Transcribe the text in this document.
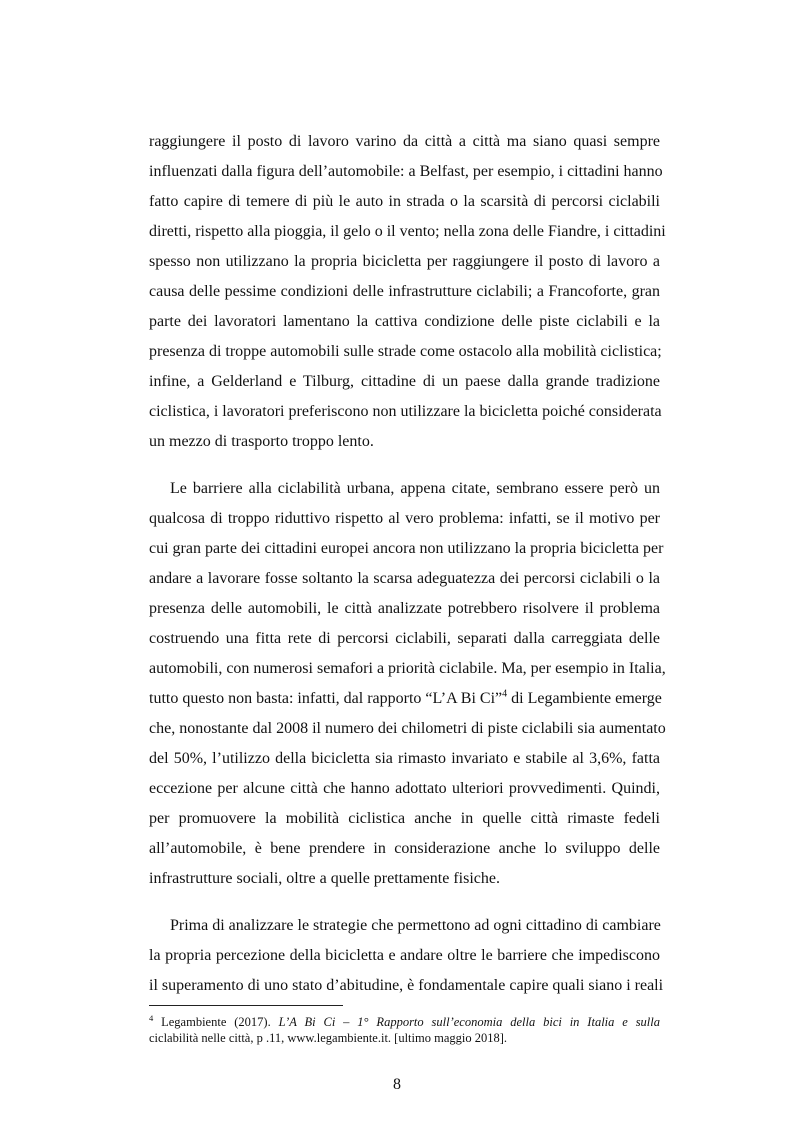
raggiungere il posto di lavoro varino da città a città ma siano quasi sempre
influenzati dalla figura dell’automobile: a Belfast, per esempio, i cittadini hanno
fatto capire di temere di più le auto in strada o la scarsità di percorsi ciclabili
diretti, rispetto alla pioggia, il gelo o il vento; nella zona delle Fiandre, i cittadini
spesso non utilizzano la propria bicicletta per raggiungere il posto di lavoro a
causa delle pessime condizioni delle infrastrutture ciclabili; a Francoforte, gran
parte dei lavoratori lamentano la cattiva condizione delle piste ciclabili e la
presenza di troppe automobili sulle strade come ostacolo alla mobilità ciclistica;
infine, a Gelderland e Tilburg, cittadine di un paese dalla grande tradizione
ciclistica, i lavoratori preferiscono non utilizzare la bicicletta poiché considerata
un mezzo di trasporto troppo lento.
Le barriere alla ciclabilità urbana, appena citate, sembrano essere però un
qualcosa di troppo riduttivo rispetto al vero problema: infatti, se il motivo per
cui gran parte dei cittadini europei ancora non utilizzano la propria bicicletta per
andare a lavorare fosse soltanto la scarsa adeguatezza dei percorsi ciclabili o la
presenza delle automobili, le città analizzate potrebbero risolvere il problema
costruendo una fitta rete di percorsi ciclabili, separati dalla carreggiata delle
automobili, con numerosi semafori a priorità ciclabile. Ma, per esempio in Italia,
tutto questo non basta: infatti, dal rapporto “L’A Bi Ci”$^4$ di Legambiente emerge
che, nonostante dal 2008 il numero dei chilometri di piste ciclabili sia aumentato
del 50%, l’utilizzo della bicicletta sia rimasto invariato e stabile al 3,6%, fatta
eccezione per alcune città che hanno adottato ulteriori provvedimenti. Quindi,
per promuovere la mobilità ciclistica anche in quelle città rimaste fedeli
all’automobile, è bene prendere in considerazione anche lo sviluppo delle
infrastrutture sociali, oltre a quelle prettamente fisiche.
Prima di analizzare le strategie che permettono ad ogni cittadino di cambiare
la propria percezione della bicicletta e andare oltre le barriere che impediscono
il superamento di uno stato d’abitudine, è fondamentale capire quali siano i reali
$^4$ Legambiente (2017). L’A Bi Ci – 1° Rapporto sull’economia della bici in Italia e sulla
ciclabilità nelle città, p .11, www.legambiente.it. [ultimo maggio 2018].
8
